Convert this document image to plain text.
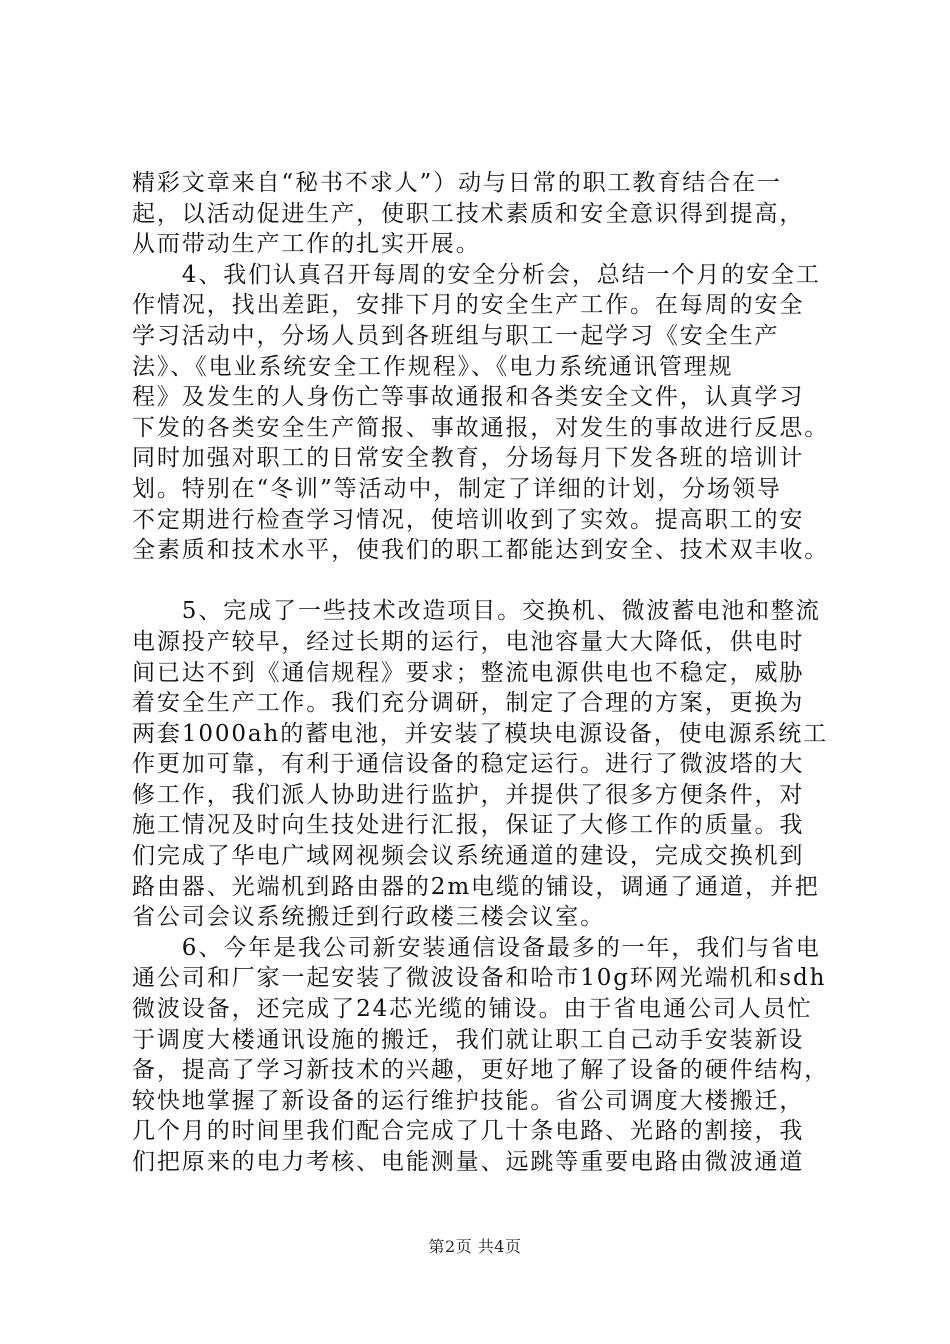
精彩文章来自“秘书不求人”）动与日常的职工教育结合在一
起，以活动促进生产，使职工技术素质和安全意识得到提高，
从而带动生产工作的扎实开展。
　　4、我们认真召开每周的安全分析会，总结一个月的安全工
作情况，找出差距，安排下月的安全生产工作。在每周的安全
学习活动中，分场人员到各班组与职工一起学习《安全生产
法》、《电业系统安全工作规程》、《电力系统通讯管理规
程》及发生的人身伤亡等事故通报和各类安全文件，认真学习
下发的各类安全生产简报、事故通报，对发生的事故进行反思。
同时加强对职工的日常安全教育，分场每月下发各班的培训计
划。特别在“冬训”等活动中，制定了详细的计划，分场领导
不定期进行检查学习情况，使培训收到了实效。提高职工的安
全素质和技术水平，使我们的职工都能达到安全、技术双丰收。
　　5、完成了一些技术改造项目。交换机、微波蓄电池和整流
电源投产较早，经过长期的运行，电池容量大大降低，供电时
间已达不到《通信规程》要求；整流电源供电也不稳定，威胁
着安全生产工作。我们充分调研，制定了合理的方案，更换为
两套1000ah的蓄电池，并安装了模块电源设备，使电源系统工
作更加可靠，有利于通信设备的稳定运行。进行了微波塔的大
修工作，我们派人协助进行监护，并提供了很多方便条件，对
施工情况及时向生技处进行汇报，保证了大修工作的质量。我
们完成了华电广域网视频会议系统通道的建设，完成交换机到
路由器、光端机到路由器的2m电缆的铺设，调通了通道，并把
省公司会议系统搬迁到行政楼三楼会议室。
　　6、今年是我公司新安装通信设备最多的一年，我们与省电
通公司和厂家一起安装了微波设备和哈市10g环网光端机和sdh
微波设备，还完成了24芯光缆的铺设。由于省电通公司人员忙
于调度大楼通讯设施的搬迁，我们就让职工自己动手安装新设
备，提高了学习新技术的兴趣，更好地了解了设备的硬件结构，
较快地掌握了新设备的运行维护技能。省公司调度大楼搬迁，
几个月的时间里我们配合完成了几十条电路、光路的割接，我
们把原来的电力考核、电能测量、远跳等重要电路由微波通道
第2页 共4页
